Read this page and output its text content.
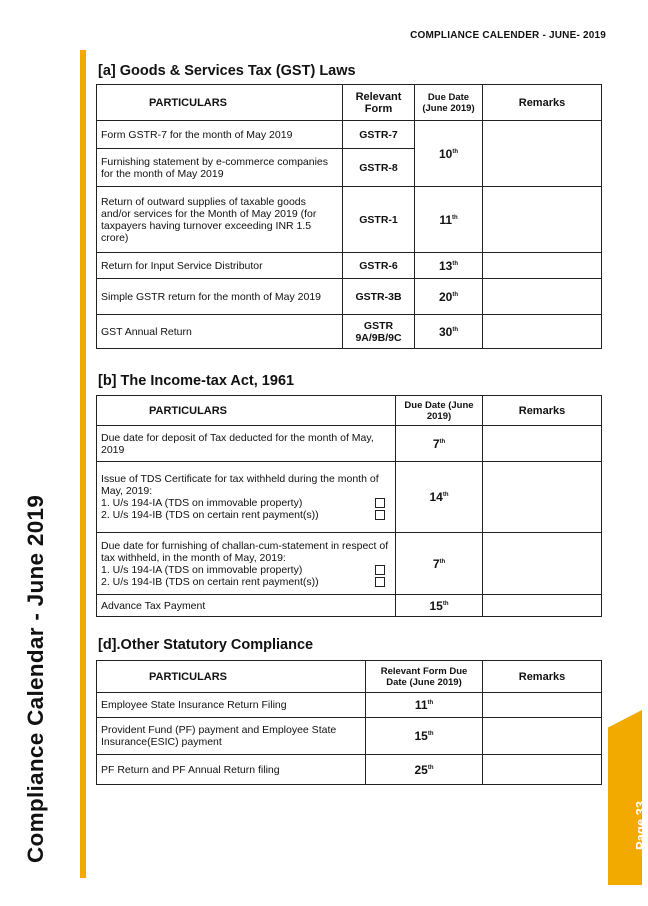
COMPLIANCE CALENDER - JUNE- 2019
Compliance Calendar - June 2019	Page 33
[a] Goods & Services Tax (GST) Laws
PARTICULARS	Relevant Form	Due Date (June 2019)	Remarks
Form GSTR-7 for the month of May 2019	GSTR-7	10th	
Furnishing statement by e-commerce companies for the month of May 2019	GSTR-8		
Return of outward supplies of taxable goods and/or services for the Month of May 2019 (for taxpayers having turnover exceeding INR 1.5 crore)	GSTR-1	11th	
Return for Input Service Distributor	GSTR-6	13th	
Simple GSTR return for the month of May 2019	GSTR-3B	20th	
GST Annual Return	GSTR 9A/9B/9C	30th	
[b] The Income-tax Act, 1961
PARTICULARS	Due Date (June 2019)	Remarks
Due date for deposit of Tax deducted for the month of May, 2019	7th	

Issue of TDS Certificate for tax withheld during the month of May, 2019:
1. U/s 194-IA (TDS on immovable property)
2. U/s 194-IB (TDS on certain rent payment(s))	14th	

Due date for furnishing of challan-cum-statement in respect of tax withheld, in the month of May, 2019:
1. U/s 194-IA (TDS on immovable property)
2. U/s 194-IB (TDS on certain rent payment(s))	7th	
Advance Tax Payment	15th	
[d].Other Statutory Compliance
PARTICULARS	Relevant Form Due Date (June 2019)	Remarks
Employee State Insurance Return Filing	11th	
Provident Fund (PF) payment and Employee State Insurance(ESIC) payment	15th	
PF Return and PF Annual Return filing	25th	
